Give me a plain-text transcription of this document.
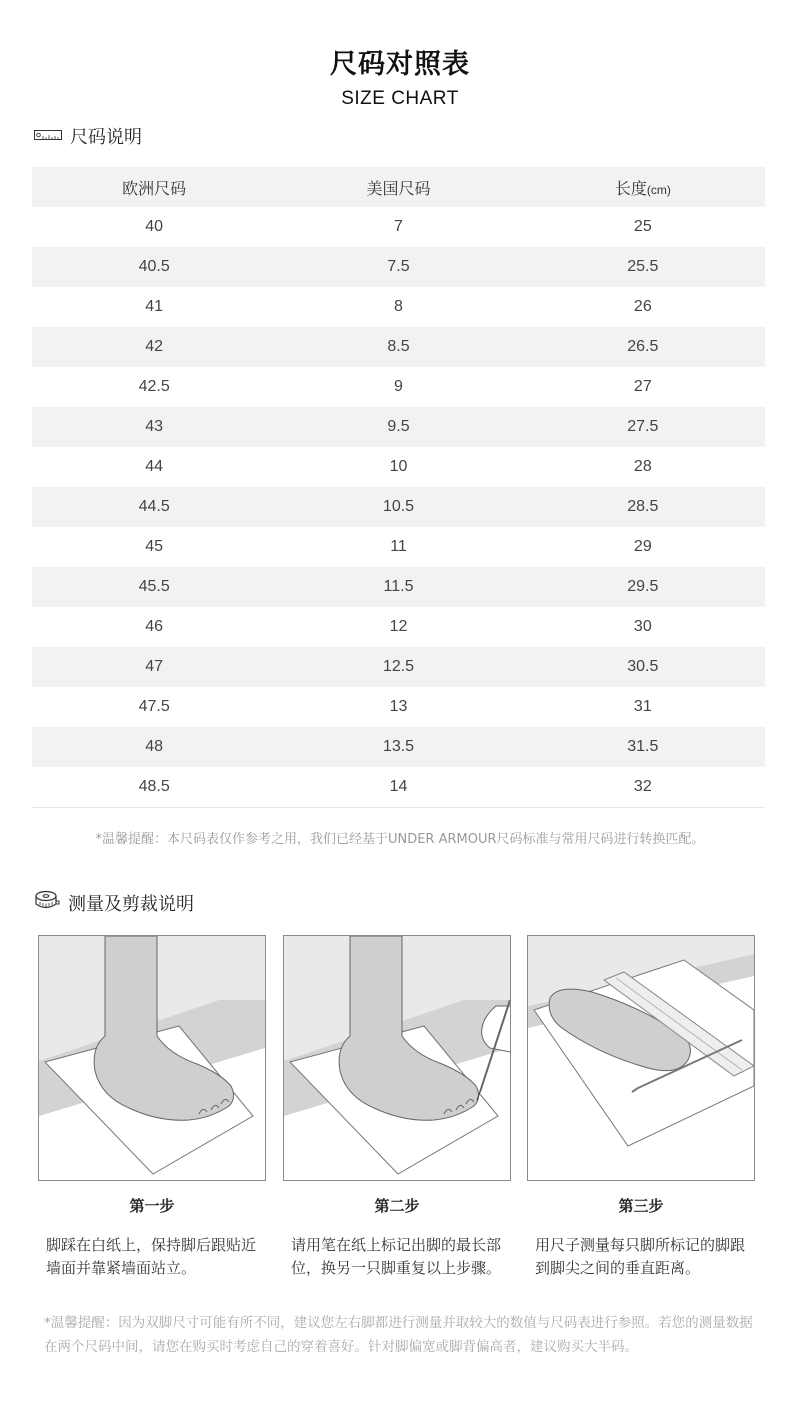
尺码对照表
SIZE CHART
尺码说明
欧洲尺码	美国尺码	长度(cm)
40	7	25
40.5	7.5	25.5
41	8	26
42	8.5	26.5
42.5	9	27
43	9.5	27.5
44	10	28
44.5	10.5	28.5
45	11	29
45.5	11.5	29.5
46	12	30
47	12.5	30.5
47.5	13	31
48	13.5	31.5
48.5	14	32
*温馨提醒：本尺码表仅作参考之用，我们已经基于UNDER ARMOUR尺码标准与常用尺码进行转换匹配。
测量及剪裁说明
第一步
脚踩在白纸上，保持脚后跟贴近墙面并靠紧墙面站立。
第二步
请用笔在纸上标记出脚的最长部位，换另一只脚重复以上步骤。
第三步
用尺子测量每只脚所标记的脚跟到脚尖之间的垂直距离。
*温馨提醒：因为双脚尺寸可能有所不同，建议您左右脚都进行测量并取较大的数值与尺码表进行参照。若您的测量数据在两个尺码中间，请您在购买时考虑自己的穿着喜好。针对脚偏宽或脚背偏高者，建议购买大半码。
